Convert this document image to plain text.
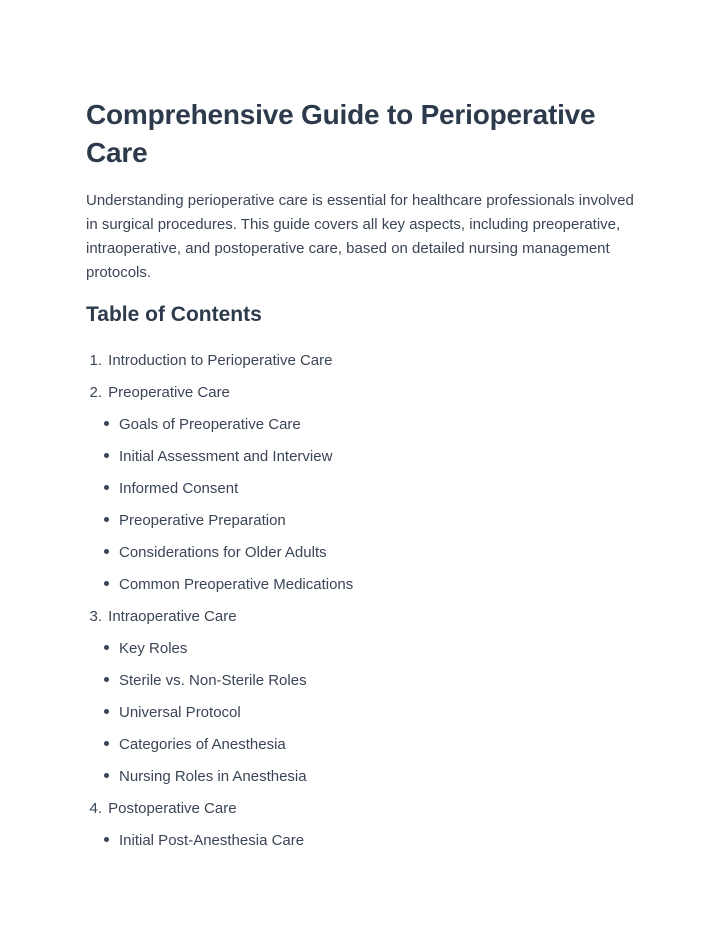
Comprehensive Guide to Perioperative Care

Understanding perioperative care is essential for healthcare professionals involved in surgical procedures. This guide covers all key aspects, including preoperative, intraoperative, and postoperative care, based on detailed nursing management protocols.

Table of Contents
1. Introduction to Perioperative Care
2. Preoperative Care
Goals of Preoperative Care
Initial Assessment and Interview
Informed Consent
Preoperative Preparation
Considerations for Older Adults
Common Preoperative Medications
3. Intraoperative Care
Key Roles
Sterile vs. Non-Sterile Roles
Universal Protocol
Categories of Anesthesia
Nursing Roles in Anesthesia
4. Postoperative Care
Initial Post-Anesthesia Care
